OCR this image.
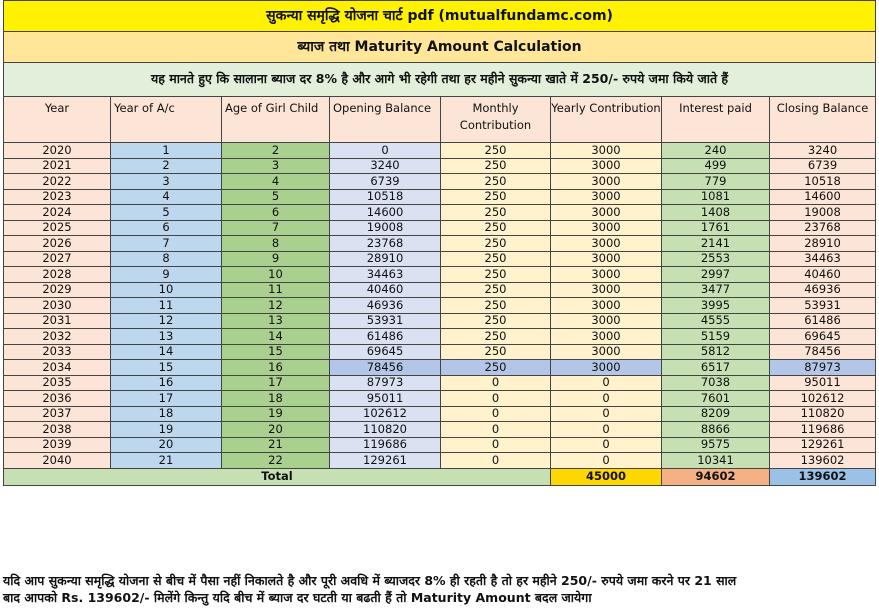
सुकन्या समृद्धि योजना चार्ट pdf (mutualfundamc.com)							
ब्याज तथा Maturity Amount Calculation							
यह मानते हुए कि सालाना ब्याज दर 8% है और आगे भी रहेगी तथा हर महीने सुकन्या खाते में 250/- रुपये जमा किये जाते हैं							
Year	Year of A/c	Age of Girl Child	Opening Balance	Monthly Contribution	Yearly Contribution	Interest paid	Closing Balance
2020	1	2	0	250	3000	240	3240
2021	2	3	3240	250	3000	499	6739
2022	3	4	6739	250	3000	779	10518
2023	4	5	10518	250	3000	1081	14600
2024	5	6	14600	250	3000	1408	19008
2025	6	7	19008	250	3000	1761	23768
2026	7	8	23768	250	3000	2141	28910
2027	8	9	28910	250	3000	2553	34463
2028	9	10	34463	250	3000	2997	40460
2029	10	11	40460	250	3000	3477	46936
2030	11	12	46936	250	3000	3995	53931
2031	12	13	53931	250	3000	4555	61486
2032	13	14	61486	250	3000	5159	69645
2033	14	15	69645	250	3000	5812	78456
2034	15	16	78456	250	3000	6517	87973
2035	16	17	87973	0	0	7038	95011
2036	17	18	95011	0	0	7601	102612
2037	18	19	102612	0	0	8209	110820
2038	19	20	110820	0	0	8866	119686
2039	20	21	119686	0	0	9575	129261
2040	21	22	129261	0	0	10341	139602
Total					45000	94602	139602
यदि आप सुकन्या समृद्धि योजना से बीच में पैसा नहीं निकालते है और पूरी अवधि में ब्याजदर 8% ही रहती है तो हर महीने 250/- रुपये जमा करने पर 21 साल
बाद आपको Rs. 139602/- मिलेंगे किन्तु यदि बीच में ब्याज दर घटती या बढती हैं तो Maturity Amount बदल जायेगा
